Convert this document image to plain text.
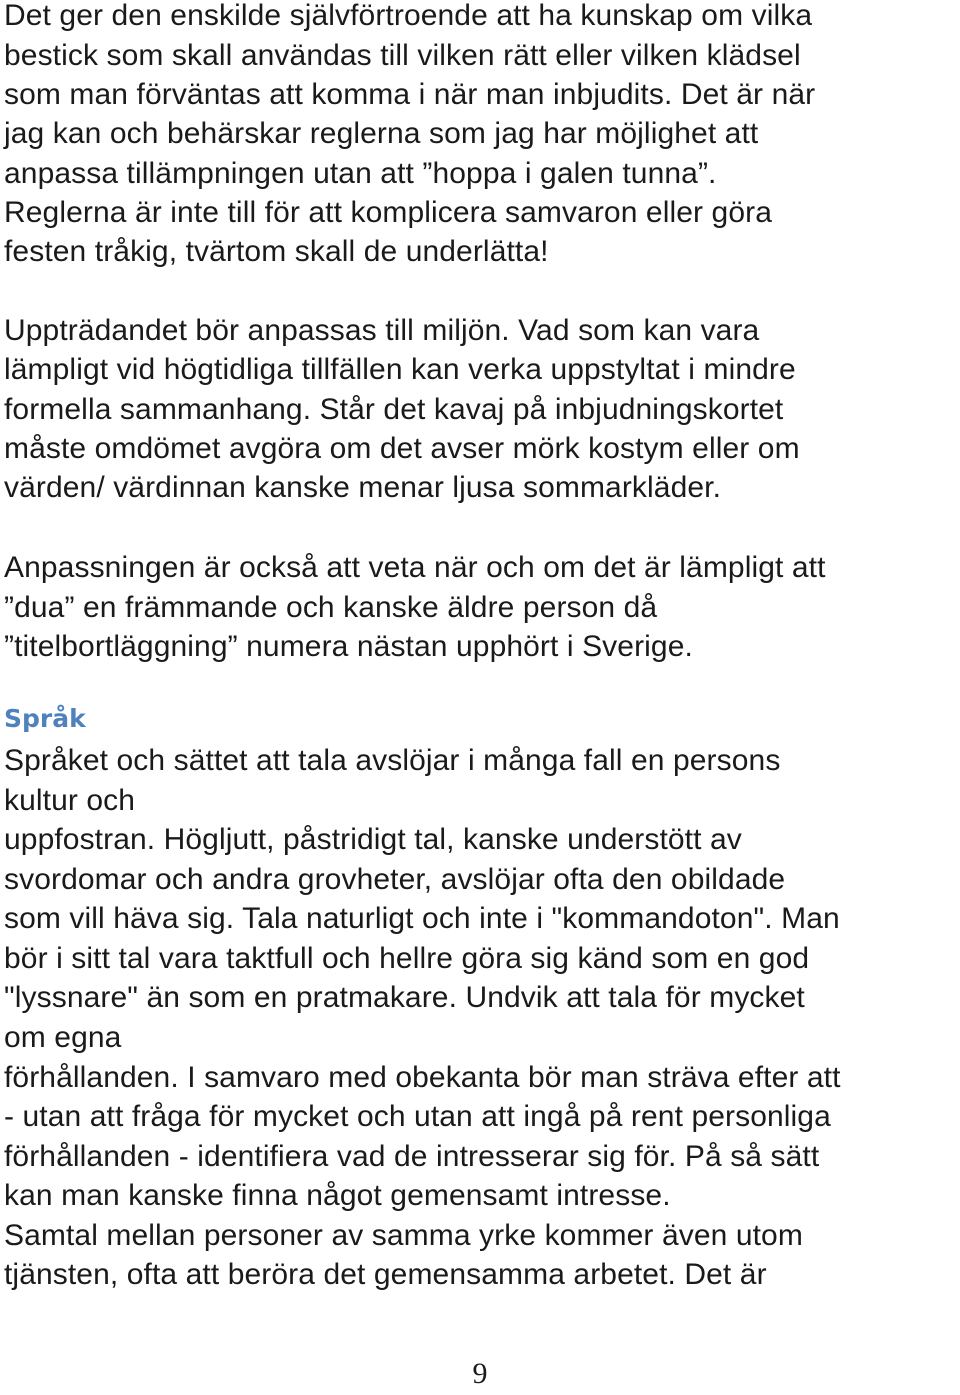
Det ger den enskilde självförtroende att ha kunskap om vilka

bestick som skall användas till vilken rätt eller vilken klädsel

som man förväntas att komma i när man inbjudits. Det är när

jag kan och behärskar reglerna som jag har möjlighet att

anpassa tillämpningen utan att ”hoppa i galen tunna”.

Reglerna är inte till för att komplicera samvaron eller göra

festen tråkig, tvärtom skall de underlätta!

Uppträdandet bör anpassas till miljön. Vad som kan vara

lämpligt vid högtidliga tillfällen kan verka uppstyltat i mindre

formella sammanhang. Står det kavaj på inbjudningskortet

måste omdömet avgöra om det avser mörk kostym eller om

värden/ värdinnan kanske menar ljusa sommarkläder.

Anpassningen är också att veta när och om det är lämpligt att

”dua” en främmande och kanske äldre person då

”titelbortläggning” numera nästan upphört i Sverige.

Språk

Språket och sättet att tala avslöjar i många fall en persons

kultur och

uppfostran. Högljutt, påstridigt tal, kanske understött av

svordomar och andra grovheter, avslöjar ofta den obildade

som vill häva sig. Tala naturligt och inte i "kommandoton". Man

bör i sitt tal vara taktfull och hellre göra sig känd som en god

"lyssnare" än som en pratmakare. Undvik att tala för mycket

om egna

förhållanden. I samvaro med obekanta bör man sträva efter att

- utan att fråga för mycket och utan att ingå på rent personliga

förhållanden - identifiera vad de intresserar sig för. På så sätt

kan man kanske finna något gemensamt intresse.

Samtal mellan personer av samma yrke kommer även utom

tjänsten, ofta att beröra det gemensamma arbetet. Det är

9
